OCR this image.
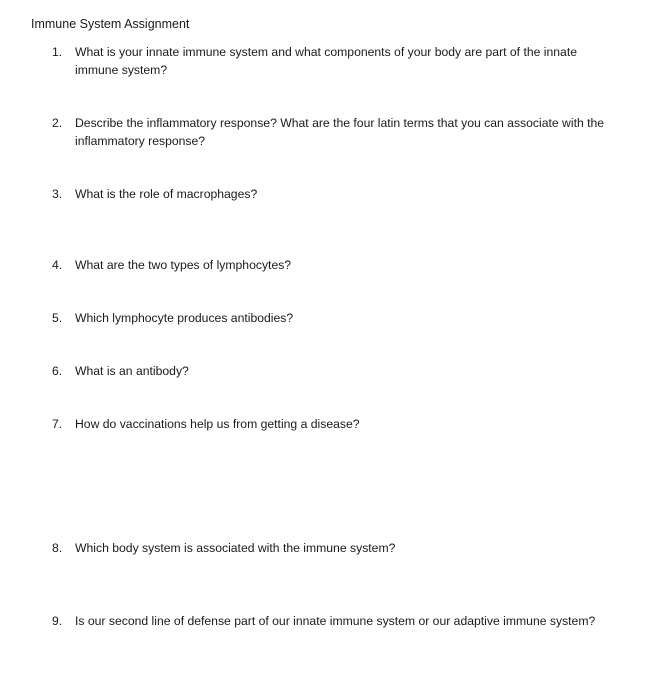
Immune System Assignment
1.	What is your innate immune system and what components of your body are part of the innate immune system?
2.	Describe the inflammatory response? What are the four latin terms that you can associate with the inflammatory response?
3.	What is the role of macrophages?
4.	What are the two types of lymphocytes?
5.	Which lymphocyte produces antibodies?
6.	What is an antibody?
7.	How do vaccinations help us from getting a disease?
8.	Which body system is associated with the immune system?
9.	Is our second line of defense part of our innate immune system or our adaptive immune system?
